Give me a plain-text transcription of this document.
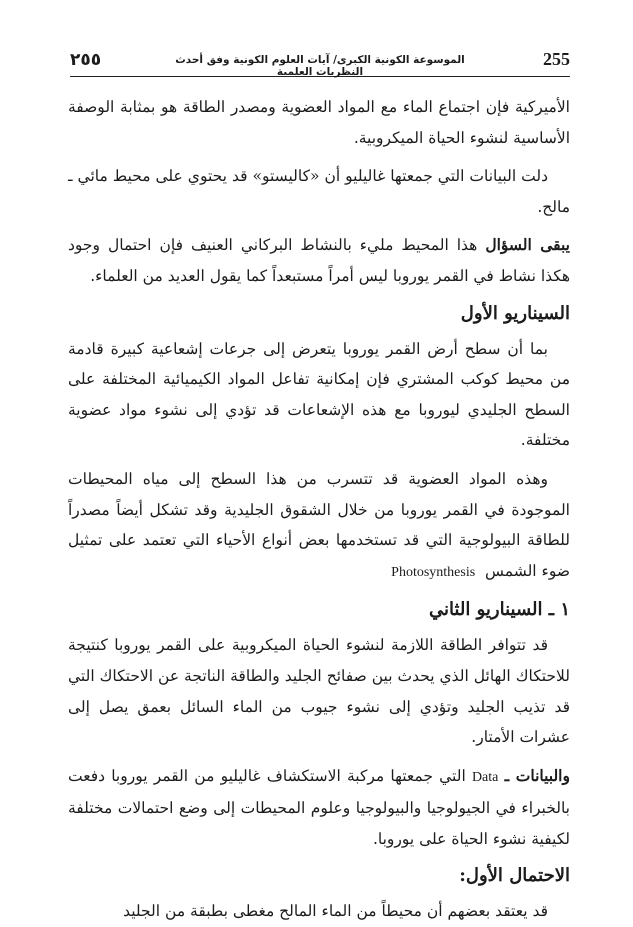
٢٥٥	الموسوعة الكونية الكبرى/ آيات العلوم الكونية وفق أحدث النظريات العلمية
255

الأميركية فإن اجتماع الماء مع المواد العضوية ومصدر الطاقة هو بمثابة الوصفة الأساسية لنشوء الحياة الميكروبية.

دلت البيانات التي جمعتها غاليليو أن «كاليستو» قد يحتوي على محيط مائي ـ مالح.

يبقى السؤال هذا المحيط مليء بالنشاط البركاني العنيف فإن احتمال وجود هكذا نشاط في القمر يوروبا ليس أمراً مستبعداً كما يقول العديد من العلماء.

السيناريو الأول

بما أن سطح أرض القمر يوروبا يتعرض إلى جرعات إشعاعية كبيرة قادمة من محيط كوكب المشتري فإن إمكانية تفاعل المواد الكيميائية المختلفة على السطح الجليدي ليوروبا مع هذه الإشعاعات قد تؤدي إلى نشوء مواد عضوية مختلفة.

وهذه المواد العضوية قد تتسرب من هذا السطح إلى مياه المحيطات الموجودة في القمر يوروبا من خلال الشقوق الجليدية وقد تشكل أيضاً مصدراً للطاقة البيولوجية التي قد تستخدمها بعض أنواع الأحياء التي تعتمد على تمثيل ضوء الشمس  Photosynthesis

١ ـ السيناريو الثاني

قد تتوافر الطاقة اللازمة لنشوء الحياة الميكروبية على القمر يوروبا كنتيجة للاحتكاك الهائل الذي يحدث بين صفائح الجليد والطاقة الناتجة عن الاحتكاك التي قد تذيب الجليد وتؤدي إلى نشوء جيوب من الماء السائل بعمق يصل إلى عشرات الأمتار.

والبيانات ـ Data التي جمعتها مركبة الاستكشاف غاليليو من القمر يوروبا دفعت بالخبراء في الجيولوجيا والبيولوجيا وعلوم المحيطات إلى وضع احتمالات مختلفة لكيفية نشوء الحياة على يوروبا.

الاحتمال الأول:

قد يعتقد بعضهم أن محيطاً من الماء المالح مغطى بطبقة من الجليد
